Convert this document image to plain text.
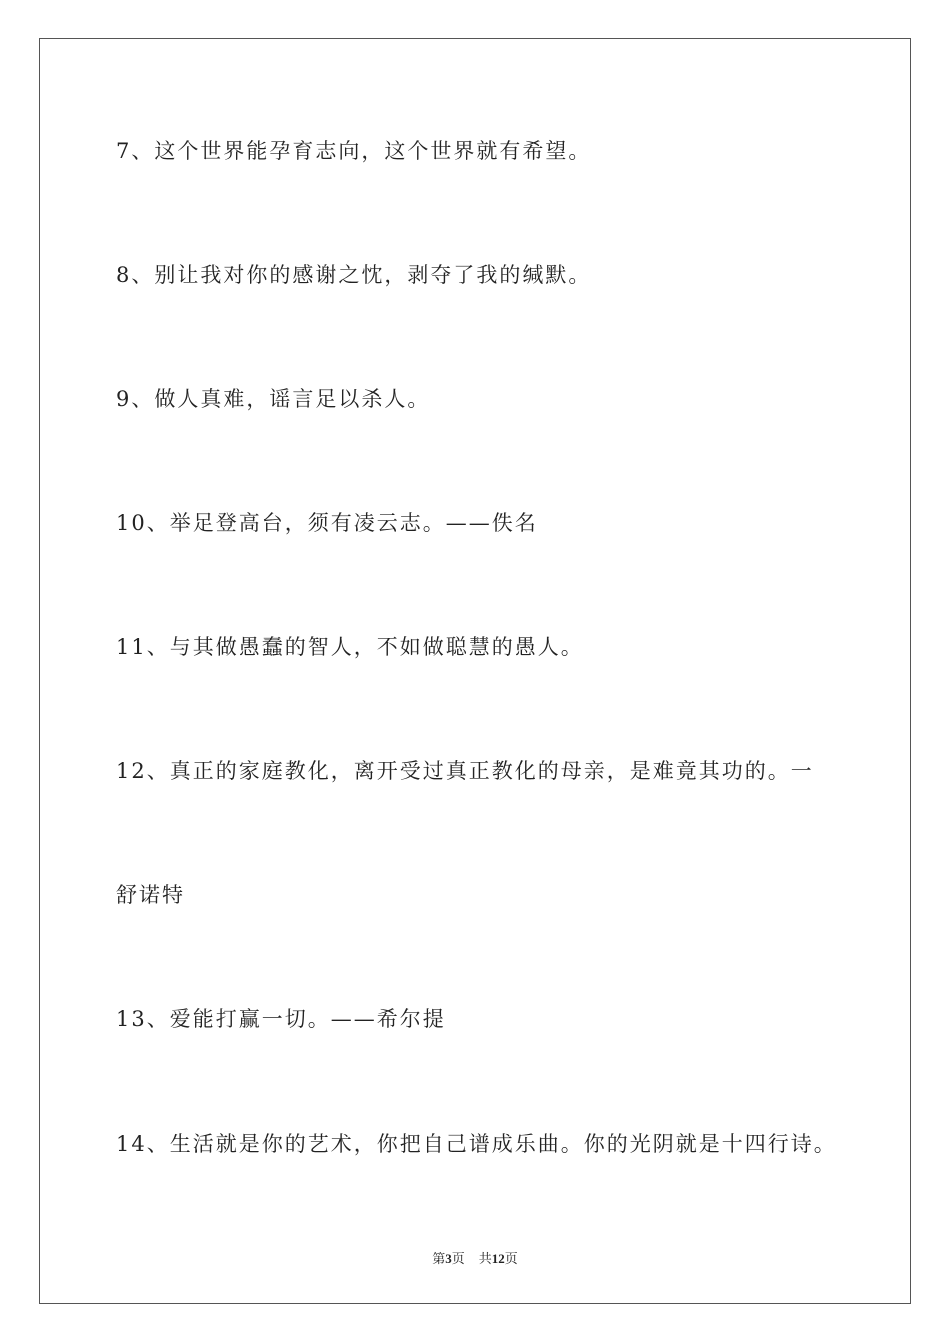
7、这个世界能孕育志向，这个世界就有希望。
8、别让我对你的感谢之忱，剥夺了我的缄默。
9、做人真难，谣言足以杀人。
10、举足登高台，须有凌云志。——佚名
11、与其做愚蠢的智人，不如做聪慧的愚人。
12、真正的家庭教化，离开受过真正教化的母亲，是难竟其功的。一
舒诺特
13、爱能打赢一切。——希尔提
14、生活就是你的艺术，你把自己谱成乐曲。你的光阴就是十四行诗。
第3页 共12页
